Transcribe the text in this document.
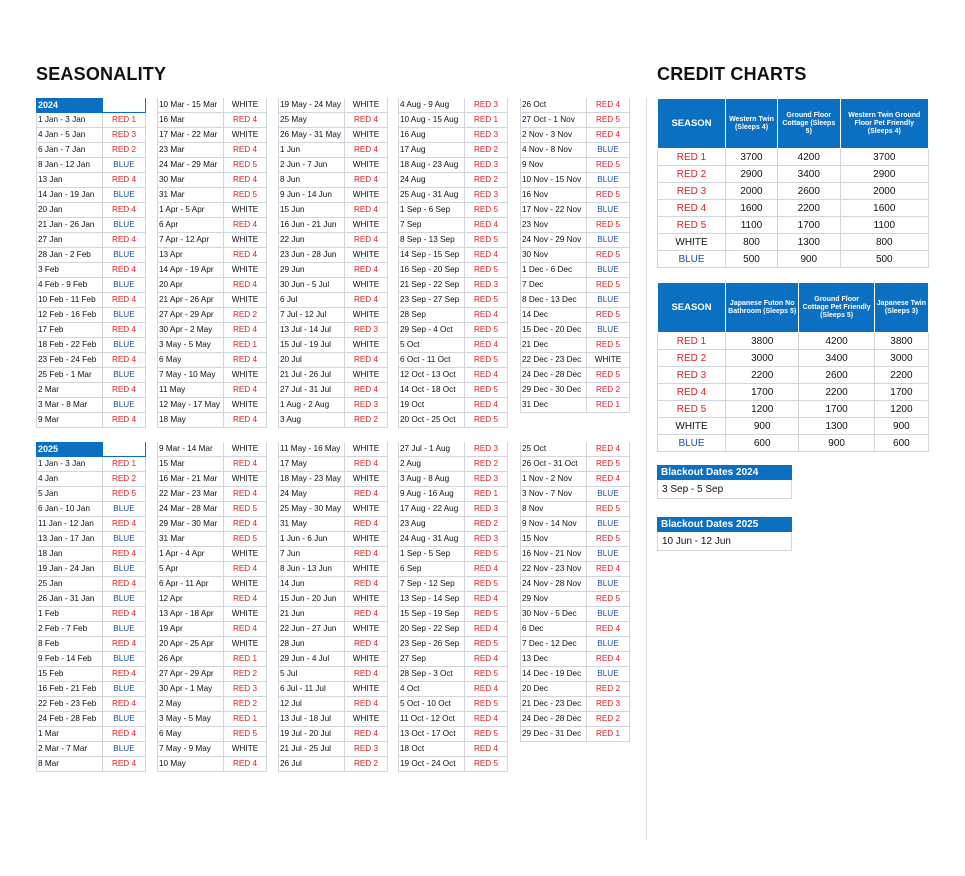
SEASONALITY	CREDIT CHARTS
2024
1 Jan - 3 Jan	RED 1
4 Jan - 5 Jan	RED 3
6 Jan - 7 Jan	RED 2
8 Jan - 12 Jan	BLUE
13 Jan	RED 4
14 Jan - 19 Jan	BLUE
20 Jan	RED 4
21 Jan - 26 Jan	BLUE
27 Jan	RED 4
28 Jan - 2 Feb	BLUE
3 Feb	RED 4
4 Feb - 9 Feb	BLUE
10 Feb - 11 Feb	RED 4
12 Feb - 16 Feb	BLUE
17 Feb	RED 4
18 Feb - 22 Feb	BLUE
23 Feb - 24 Feb	RED 4
25 Feb - 1 Mar	BLUE
2 Mar	RED 4
3 Mar - 8 Mar	BLUE
9 Mar	RED 4
10 Mar - 15 Mar	WHITE
16 Mar	RED 4
17 Mar - 22 Mar	WHITE
23 Mar	RED 4
24 Mar - 29 Mar	RED 5
30 Mar	RED 4
31 Mar	RED 5
1 Apr - 5 Apr	WHITE
6 Apr	RED 4
7 Apr - 12 Apr	WHITE
13 Apr	RED 4
14 Apr - 19 Apr	WHITE
20 Apr	RED 4
21 Apr - 26 Apr	WHITE
27 Apr - 29 Apr	RED 2
30 Apr - 2 May	RED 4
3 May - 5 May	RED 1
6 May	RED 4
7 May - 10 May	WHITE
11 May	RED 4
12 May - 17 May	WHITE
18 May	RED 4
19 May - 24 May	WHITE
25 May	RED 4
26 May - 31 May	WHITE
1 Jun	RED 4
2 Jun - 7 Jun	WHITE
8 Jun	RED 4
9 Jun - 14 Jun	WHITE
15 Jun	RED 4
16 Jun - 21 Jun	WHITE
22 Jun	RED 4
23 Jun - 28 Jun	WHITE
29 Jun	RED 4
30 Jun - 5 Jul	WHITE
6 Jul	RED 4
7 Jul - 12 Jul	WHITE
13 Jul - 14 Jul	RED 3
15 Jul - 19 Jul	WHITE
20 Jul	RED 4
21 Jul - 26 Jul	WHITE
27 Jul - 31 Jul	RED 4
1 Aug - 2 Aug	RED 3
3 Aug	RED 2
4 Aug - 9 Aug	RED 3
10 Aug - 15 Aug	RED 1
16 Aug	RED 3
17 Aug	RED 2
18 Aug - 23 Aug	RED 3
24 Aug	RED 2
25 Aug - 31 Aug	RED 3
1 Sep - 6 Sep	RED 5
7 Sep	RED 4
8 Sep - 13 Sep	RED 5
14 Sep - 15 Sep	RED 4
16 Sep - 20 Sep	RED 5
21 Sep - 22 Sep	RED 3
23 Sep - 27 Sep	RED 5
28 Sep	RED 4
29 Sep - 4 Oct	RED 5
5 Oct	RED 4
6 Oct - 11 Oct	RED 5
12 Oct - 13 Oct	RED 4
14 Oct - 18 Oct	RED 5
19 Oct	RED 4
20 Oct - 25 Oct	RED 5
26 Oct	RED 4
27 Oct - 1 Nov	RED 5
2 Nov - 3 Nov	RED 4
4 Nov - 8 Nov	BLUE
9 Nov	RED 5
10 Nov - 15 Nov	BLUE
16 Nov	RED 5
17 Nov - 22 Nov	BLUE
23 Nov	RED 5
24 Nov - 29 Nov	BLUE
30 Nov	RED 5
1 Dec - 6 Dec	BLUE
7 Dec	RED 5
8 Dec - 13 Dec	BLUE
14 Dec	RED 5
15 Dec - 20 Dec	BLUE
21 Dec	RED 5
22 Dec - 23 Dec	WHITE
24 Dec - 28 Dec	RED 5
29 Dec - 30 Dec	RED 2
31 Dec	RED 1
2025
1 Jan - 3 Jan	RED 1
4 Jan	RED 2
5 Jan	RED 5
6 Jan - 10 Jan	BLUE
11 Jan - 12 Jan	RED 4
13 Jan - 17 Jan	BLUE
18 Jan	RED 4
19 Jan - 24 Jan	BLUE
25 Jan	RED 4
26 Jan - 31 Jan	BLUE
1 Feb	RED 4
2 Feb - 7 Feb	BLUE
8 Feb	RED 4
9 Feb - 14 Feb	BLUE
15 Feb	RED 4
16 Feb - 21 Feb	BLUE
22 Feb - 23 Feb	RED 4
24 Feb - 28 Feb	BLUE
1 Mar	RED 4
2 Mar - 7 Mar	BLUE
8 Mar	RED 4
9 Mar - 14 Mar	WHITE
15 Mar	RED 4
16 Mar - 21 Mar	WHITE
22 Mar - 23 Mar	RED 4
24 Mar - 28 Mar	RED 5
29 Mar - 30 Mar	RED 4
31 Mar	RED 5
1 Apr - 4 Apr	WHITE
5 Apr	RED 4
6 Apr - 11 Apr	WHITE
12 Apr	RED 4
13 Apr - 18 Apr	WHITE
19 Apr	RED 4
20 Apr - 25 Apr	WHITE
26 Apr	RED 1
27 Apr - 29 Apr	RED 2
30 Apr - 1 May	RED 3
2 May	RED 2
3 May - 5 May	RED 1
6 May	RED 5
7 May - 9 May	WHITE
10 May	RED 4
11 May - 16 May	WHITE
17 May	RED 4
18 May - 23 May	WHITE
24 May	RED 4
25 May - 30 May	WHITE
31 May	RED 4
1 Jun - 6 Jun	WHITE
7 Jun	RED 4
8 Jun - 13 Jun	WHITE
14 Jun	RED 4
15 Jun - 20 Jun	WHITE
21 Jun	RED 4
22 Jun - 27 Jun	WHITE
28 Jun	RED 4
29 Jun - 4 Jul	WHITE
5 Jul	RED 4
6 Jul - 11 Jul	WHITE
12 Jul	RED 4
13 Jul - 18 Jul	WHITE
19 Jul - 20 Jul	RED 4
21 Jul - 25 Jul	RED 3
26 Jul	RED 2
27 Jul - 1 Aug	RED 3
2 Aug	RED 2
3 Aug - 8 Aug	RED 3
9 Aug - 16 Aug	RED 1
17 Aug - 22 Aug	RED 3
23 Aug	RED 2
24 Aug - 31 Aug	RED 3
1 Sep - 5 Sep	RED 5
6 Sep	RED 4
7 Sep - 12 Sep	RED 5
13 Sep - 14 Sep	RED 4
15 Sep - 19 Sep	RED 5
20 Sep - 22 Sep	RED 4
23 Sep - 26 Sep	RED 5
27 Sep	RED 4
28 Sep - 3 Oct	RED 5
4 Oct	RED 4
5 Oct - 10 Oct	RED 5
11 Oct - 12 Oct	RED 4
13 Oct - 17 Oct	RED 5
18 Oct	RED 4
19 Oct - 24 Oct	RED 5
25 Oct	RED 4
26 Oct - 31 Oct	RED 5
1 Nov - 2 Nov	RED 4
3 Nov - 7 Nov	BLUE
8 Nov	RED 5
9 Nov - 14 Nov	BLUE
15 Nov	RED 5
16 Nov - 21 Nov	BLUE
22 Nov - 23 Nov	RED 4
24 Nov - 28 Nov	BLUE
29 Nov	RED 5
30 Nov - 5 Dec	BLUE
6 Dec	RED 4
7 Dec - 12 Dec	BLUE
13 Dec	RED 4
14 Dec - 19 Dec	BLUE
20 Dec	RED 2
21 Dec - 23 Dec	RED 3
24 Dec - 28 Dec	RED 2
29 Dec - 31 Dec	RED 1
SEASON	Western Twin (Sleeps 4)	Ground Floor Cottage (Sleeps 5)	Western Twin Ground Floor Pet Friendly (Sleeps 4)
RED 1	3700	4200	3700
RED 2	2900	3400	2900
RED 3	2000	2600	2000
RED 4	1600	2200	1600
RED 5	1100	1700	1100
WHITE	800	1300	800
BLUE	500	900	500
SEASON	Japanese Futon No Bathroom (Sleeps 5)	Ground Floor Cottage Pet Friendly (Sleeps 5)	Japanese Twin (Sleeps 3)
RED 1	3800	4200	3800
RED 2	3000	3400	3000
RED 3	2200	2600	2200
RED 4	1700	2200	1700
RED 5	1200	1700	1200
WHITE	900	1300	900
BLUE	600	900	600
Blackout Dates 2024
3 Sep - 5 Sep
Blackout Dates 2025
10 Jun - 12 Jun
